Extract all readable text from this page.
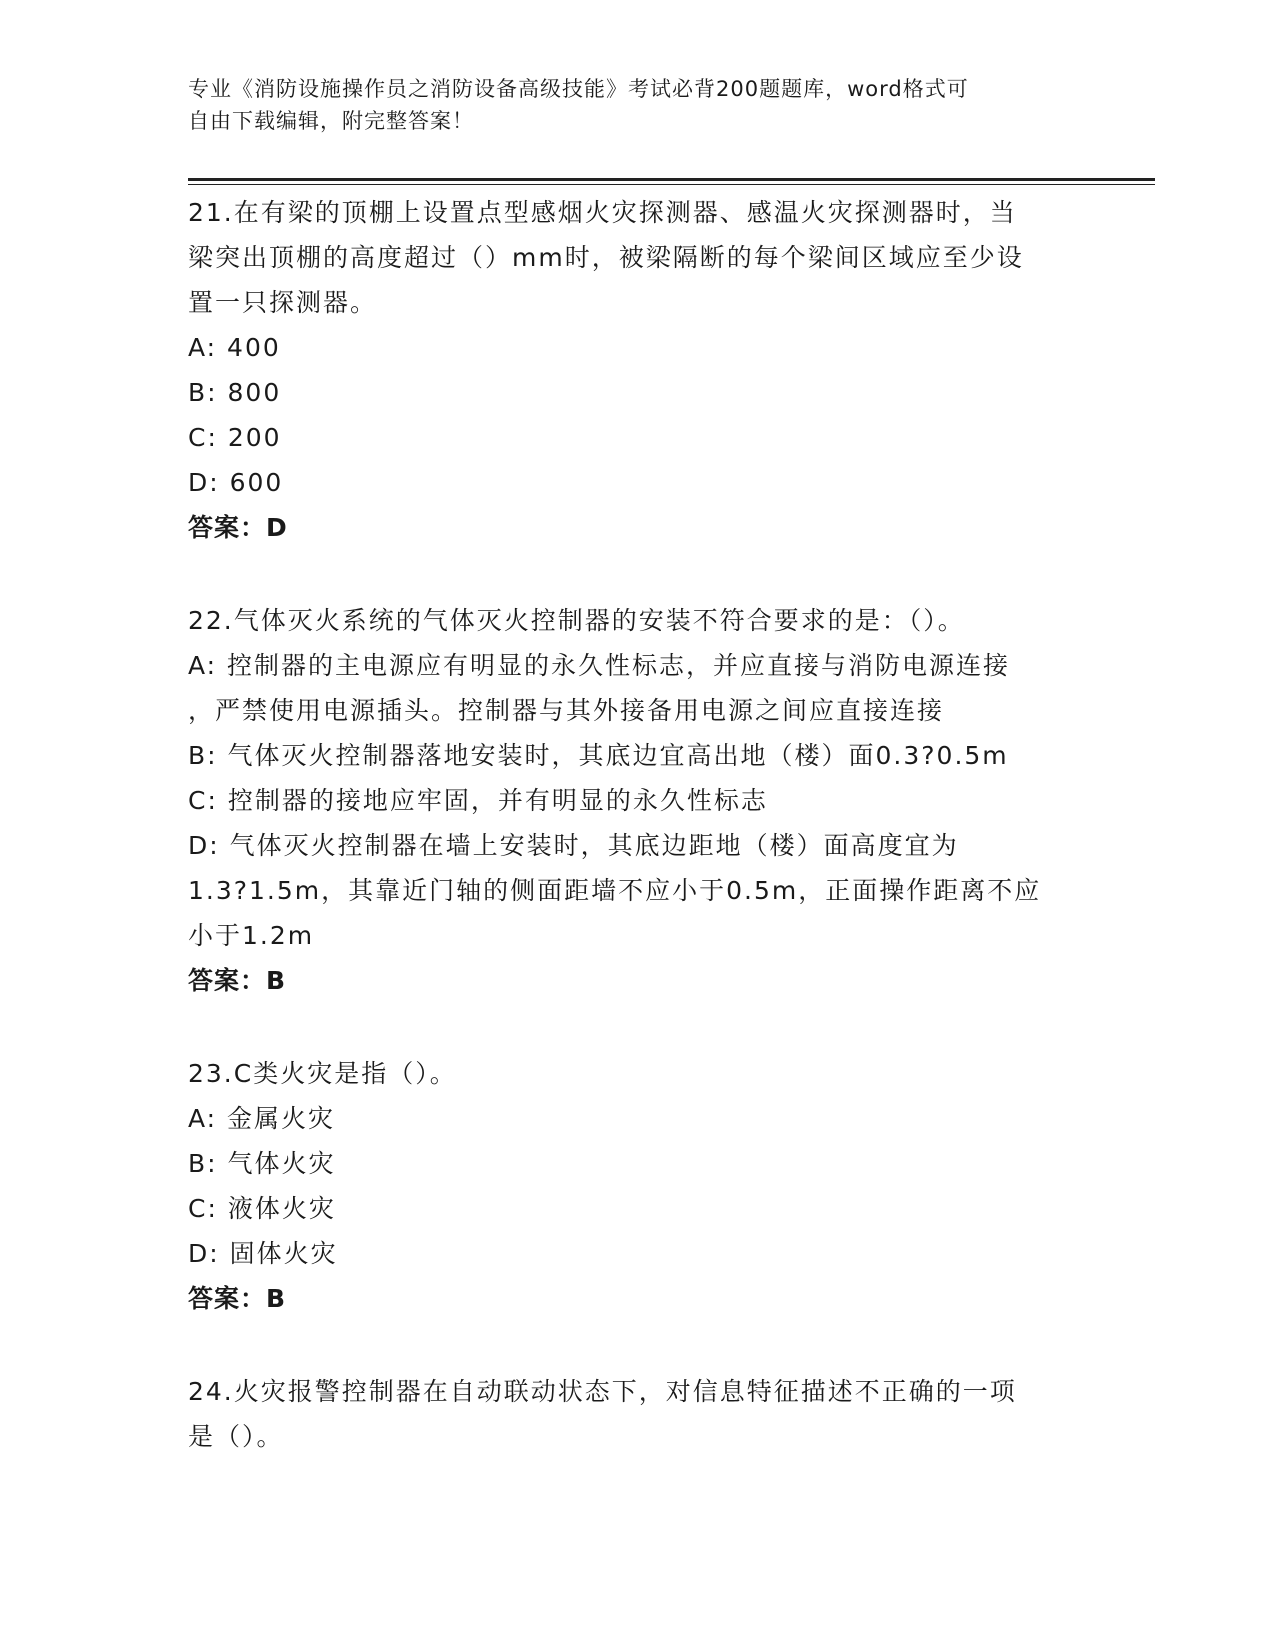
专业《消防设施操作员之消防设备高级技能》考试必背200题题库，word格式可
自由下载编辑，附完整答案！
21.在有梁的顶棚上设置点型感烟火灾探测器、感温火灾探测器时，当
梁突出顶棚的高度超过（）mm时，被梁隔断的每个梁间区域应至少设
置一只探测器。
A: 400
B: 800
C: 200
D: 600
答案：D
22.气体灭火系统的气体灭火控制器的安装不符合要求的是：（）。
A: 控制器的主电源应有明显的永久性标志，并应直接与消防电源连接
，严禁使用电源插头。控制器与其外接备用电源之间应直接连接
B: 气体灭火控制器落地安装时，其底边宜高出地（楼）面0.3?0.5m
C: 控制器的接地应牢固，并有明显的永久性标志
D: 气体灭火控制器在墙上安装时，其底边距地（楼）面高度宜为
1.3?1.5m，其靠近门轴的侧面距墙不应小于0.5m，正面操作距离不应
小于1.2m
答案：B
23.C类火灾是指（）。
A: 金属火灾
B: 气体火灾
C: 液体火灾
D: 固体火灾
答案：B
24.火灾报警控制器在自动联动状态下，对信息特征描述不正确的一项
是（）。
